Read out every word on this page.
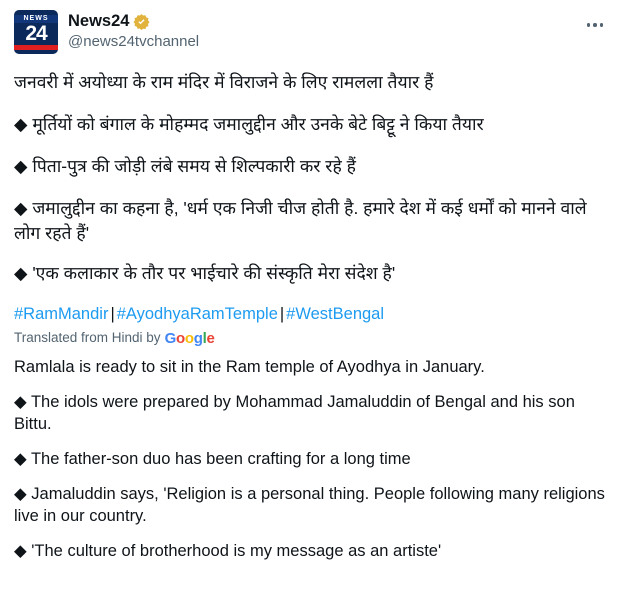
NEWS
24
News24
@news24tvchannel

जनवरी में अयोध्या के राम मंदिर में विराजने के लिए रामलला तैयार हैं

◆ मूर्तियों को बंगाल के मोहम्मद जमालुद्दीन और उनके बेटे बिट्टू ने किया तैयार

◆ पिता-पुत्र की जोड़ी लंबे समय से शिल्पकारी कर रहे हैं

◆ जमालुद्दीन का कहना है, 'धर्म एक निजी चीज होती है. हमारे देश में कई धर्मों को मानने वाले लोग रहते हैं'

◆ 'एक कलाकार के तौर पर भाईचारे की संस्कृति मेरा संदेश है'

#RamMandir | #AyodhyaRamTemple | #WestBengal

Translated from Hindi by Google

Ramlala is ready to sit in the Ram temple of Ayodhya in January.

◆ The idols were prepared by Mohammad Jamaluddin of Bengal and his son Bittu.

◆ The father-son duo has been crafting for a long time

◆ Jamaluddin says, 'Religion is a personal thing. People following many religions live in our country.

◆ 'The culture of brotherhood is my message as an artiste'
